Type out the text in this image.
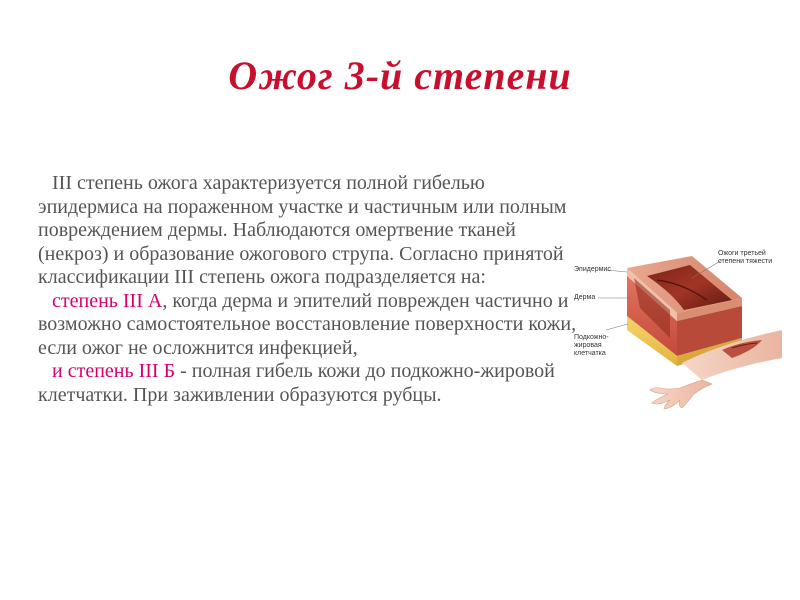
Ожог 3-й степени

III степень ожога характеризуется полной гибелью эпидермиса на пораженном участке и частичным или полным повреждением дермы. Наблюдаются омертвение тканей (некроз) и образование ожогового струпа. Согласно принятой классификации III степень ожога подразделяется на:

степень III А, когда дерма и эпителий поврежден частично и возможно самостоятельное восстановление поверхности кожи, если ожог не осложнится инфекцией,

и степень III Б - полная гибель кожи до подкожно-жировой клетчатки. При заживлении образуются рубцы.

Эпидермис
Дерма
Подкожно-
жировая
клетчатка
Ожоги третьей
степени тяжести
